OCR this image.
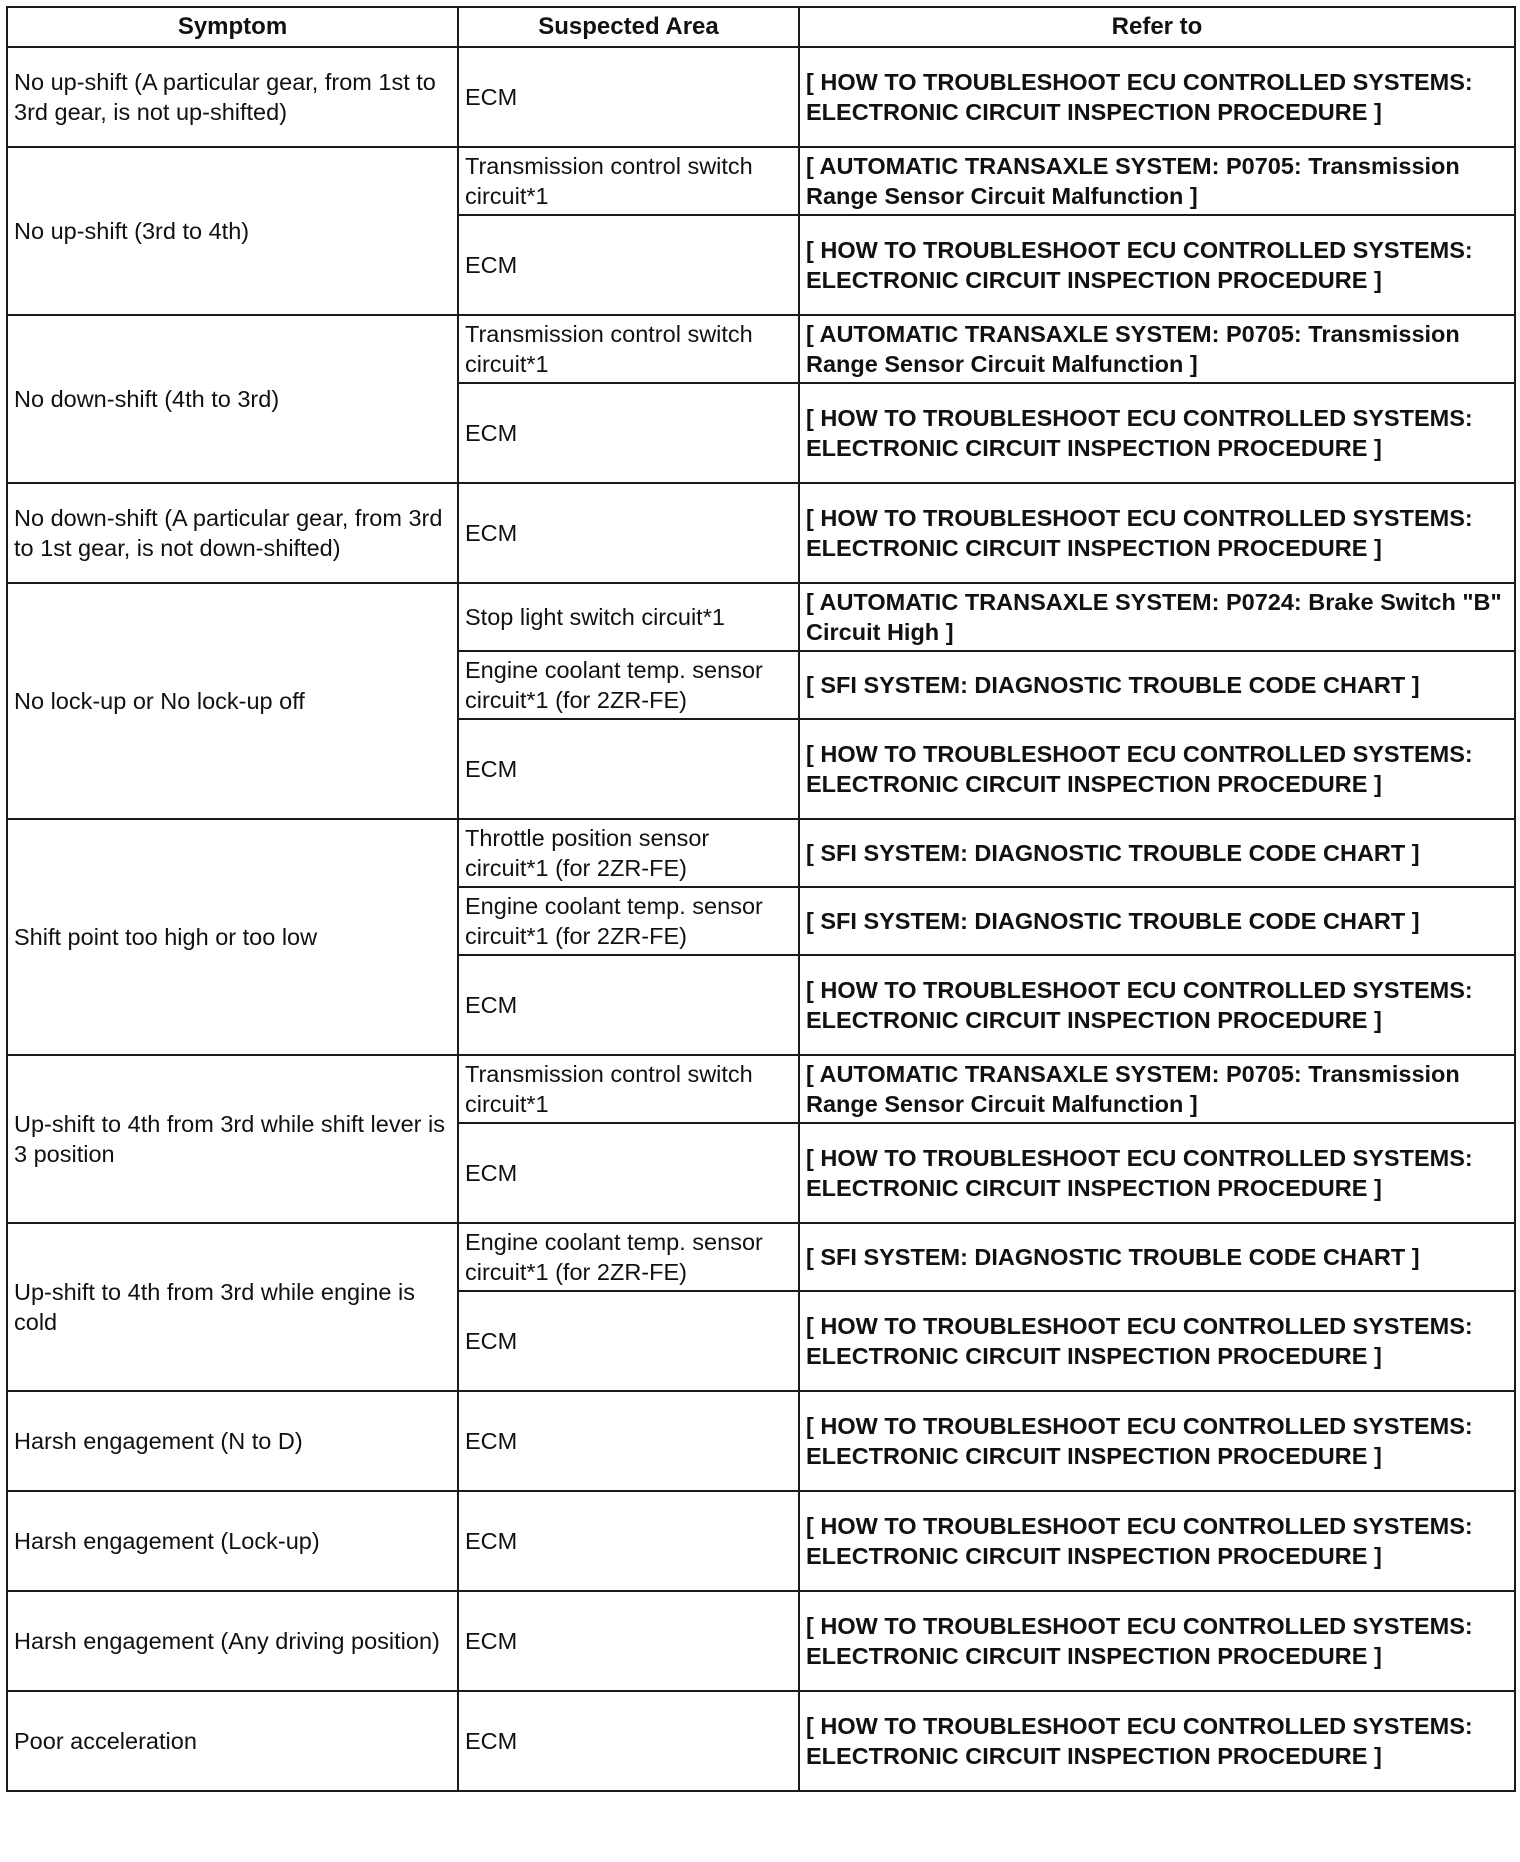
Symptom	Suspected Area	Refer to
No up-shift (A particular gear, from 1st to 3rd gear, is not up-shifted)	ECM	[ HOW TO TROUBLESHOOT ECU CONTROLLED SYSTEMS: ELECTRONIC CIRCUIT INSPECTION PROCEDURE ]
No up-shift (3rd to 4th)	Transmission control switch circuit*1	[ AUTOMATIC TRANSAXLE SYSTEM: P0705: Transmission Range Sensor Circuit Malfunction ]
	ECM	[ HOW TO TROUBLESHOOT ECU CONTROLLED SYSTEMS: ELECTRONIC CIRCUIT INSPECTION PROCEDURE ]
No down-shift (4th to 3rd)	Transmission control switch circuit*1	[ AUTOMATIC TRANSAXLE SYSTEM: P0705: Transmission Range Sensor Circuit Malfunction ]
	ECM	[ HOW TO TROUBLESHOOT ECU CONTROLLED SYSTEMS: ELECTRONIC CIRCUIT INSPECTION PROCEDURE ]
No down-shift (A particular gear, from 3rd to 1st gear, is not down-shifted)	ECM	[ HOW TO TROUBLESHOOT ECU CONTROLLED SYSTEMS: ELECTRONIC CIRCUIT INSPECTION PROCEDURE ]
No lock-up or No lock-up off	Stop light switch circuit*1	[ AUTOMATIC TRANSAXLE SYSTEM: P0724: Brake Switch "B" Circuit High ]
	Engine coolant temp. sensor circuit*1 (for 2ZR-FE)	[ SFI SYSTEM: DIAGNOSTIC TROUBLE CODE CHART ]
	ECM	[ HOW TO TROUBLESHOOT ECU CONTROLLED SYSTEMS: ELECTRONIC CIRCUIT INSPECTION PROCEDURE ]
Shift point too high or too low	Throttle position sensor circuit*1 (for 2ZR-FE)	[ SFI SYSTEM: DIAGNOSTIC TROUBLE CODE CHART ]
	Engine coolant temp. sensor circuit*1 (for 2ZR-FE)	[ SFI SYSTEM: DIAGNOSTIC TROUBLE CODE CHART ]
	ECM	[ HOW TO TROUBLESHOOT ECU CONTROLLED SYSTEMS: ELECTRONIC CIRCUIT INSPECTION PROCEDURE ]
Up-shift to 4th from 3rd while shift lever is 3 position	Transmission control switch circuit*1	[ AUTOMATIC TRANSAXLE SYSTEM: P0705: Transmission Range Sensor Circuit Malfunction ]
	ECM	[ HOW TO TROUBLESHOOT ECU CONTROLLED SYSTEMS: ELECTRONIC CIRCUIT INSPECTION PROCEDURE ]
Up-shift to 4th from 3rd while engine is cold	Engine coolant temp. sensor circuit*1 (for 2ZR-FE)	[ SFI SYSTEM: DIAGNOSTIC TROUBLE CODE CHART ]
	ECM	[ HOW TO TROUBLESHOOT ECU CONTROLLED SYSTEMS: ELECTRONIC CIRCUIT INSPECTION PROCEDURE ]
Harsh engagement (N to D)	ECM	[ HOW TO TROUBLESHOOT ECU CONTROLLED SYSTEMS: ELECTRONIC CIRCUIT INSPECTION PROCEDURE ]
Harsh engagement (Lock-up)	ECM	[ HOW TO TROUBLESHOOT ECU CONTROLLED SYSTEMS: ELECTRONIC CIRCUIT INSPECTION PROCEDURE ]
Harsh engagement (Any driving position)	ECM	[ HOW TO TROUBLESHOOT ECU CONTROLLED SYSTEMS: ELECTRONIC CIRCUIT INSPECTION PROCEDURE ]
Poor acceleration	ECM	[ HOW TO TROUBLESHOOT ECU CONTROLLED SYSTEMS: ELECTRONIC CIRCUIT INSPECTION PROCEDURE ]
